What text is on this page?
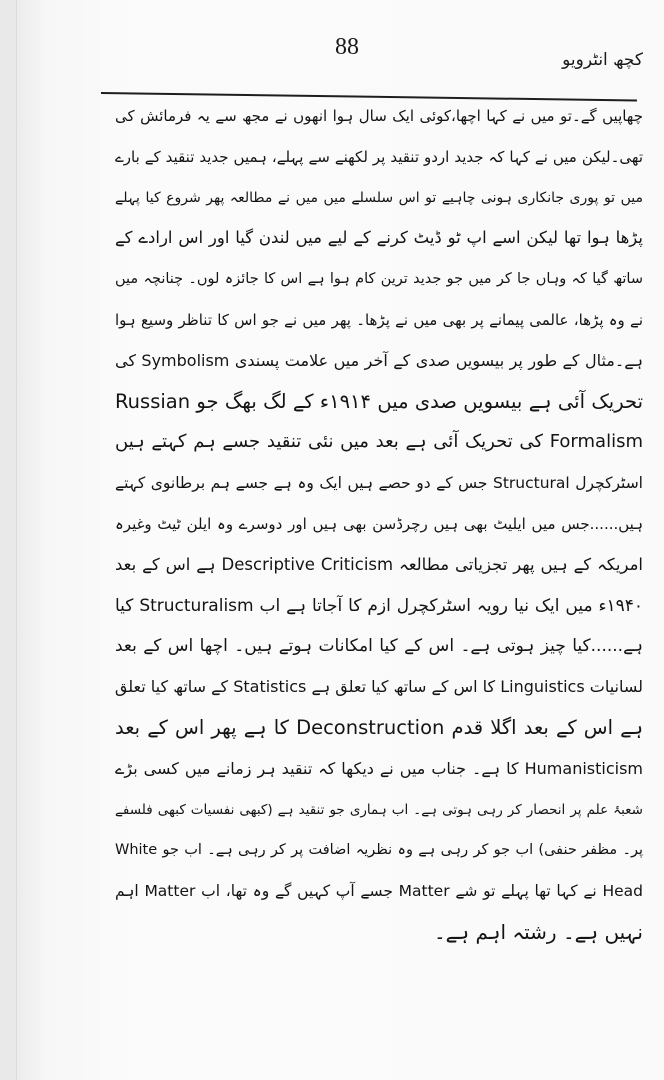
88	کچھ انٹرویو
چھاپیں گے۔تو میں نے کہا اچھا،کوئی ایک سال ہوا انھوں نے مجھ سے یہ فرمائش کی
تھی۔لیکن میں نے کہا کہ جدید اردو تنقید پر لکھنے سے پہلے، ہمیں جدید تنقید کے بارے
میں تو پوری جانکاری ہونی چاہیے تو اس سلسلے میں میں نے مطالعہ پھر شروع کیا پہلے
پڑھا ہوا تھا لیکن اسے اپ ٹو ڈیٹ کرنے کے لیے میں لندن گیا اور اس ارادے کے
ساتھ گیا کہ وہاں جا کر میں جو جدید ترین کام ہوا ہے اس کا جائزہ لوں۔ چنانچہ میں
نے وہ پڑھا، عالمی پیمانے پر بھی میں نے پڑھا۔ پھر میں نے جو اس کا تناظر وسیع ہوا
ہے۔مثال کے طور پر بیسویں صدی کے آخر میں علامت پسندی Symbolism کی
تحریک آئی ہے بیسویں صدی میں ۱۹۱۴ء کے لگ بھگ جو Russian
Formalism کی تحریک آئی ہے بعد میں نئی تنقید جسے ہم کہتے ہیں
اسٹرکچرل Structural جس کے دو حصے ہیں ایک وہ ہے جسے ہم برطانوی کہتے
ہیں......جس میں ایلیٹ بھی ہیں رچرڈسن بھی ہیں اور دوسرے وہ ایلن ٹیٹ وغیرہ
امریکہ کے ہیں پھر تجزیاتی مطالعہ Descriptive Criticism ہے اس کے بعد
۱۹۴۰ء میں ایک نیا رویہ اسٹرکچرل ازم کا آجاتا ہے اب Structuralism کیا
ہے......کیا چیز ہوتی ہے۔ اس کے کیا امکانات ہوتے ہیں۔ اچھا اس کے بعد
لسانیات Linguistics کا اس کے ساتھ کیا تعلق ہے Statistics کے ساتھ کیا تعلق
ہے اس کے بعد اگلا قدم Deconstruction کا ہے پھر اس کے بعد
Humanisticism کا ہے۔ جناب میں نے دیکھا کہ تنقید ہر زمانے میں کسی بڑے
شعبۂ علم پر انحصار کر رہی ہوتی ہے۔ اب ہماری جو تنقید ہے (کبھی نفسیات کبھی فلسفے
پر۔ مظفر حنفی) اب جو کر رہی ہے وہ نظریہ اضافت پر کر رہی ہے۔ اب جو White
Head نے کہا تھا پہلے تو شے Matter جسے آپ کہیں گے وہ تھا، اب Matter اہم
نہیں ہے۔ رشتہ اہم ہے۔
